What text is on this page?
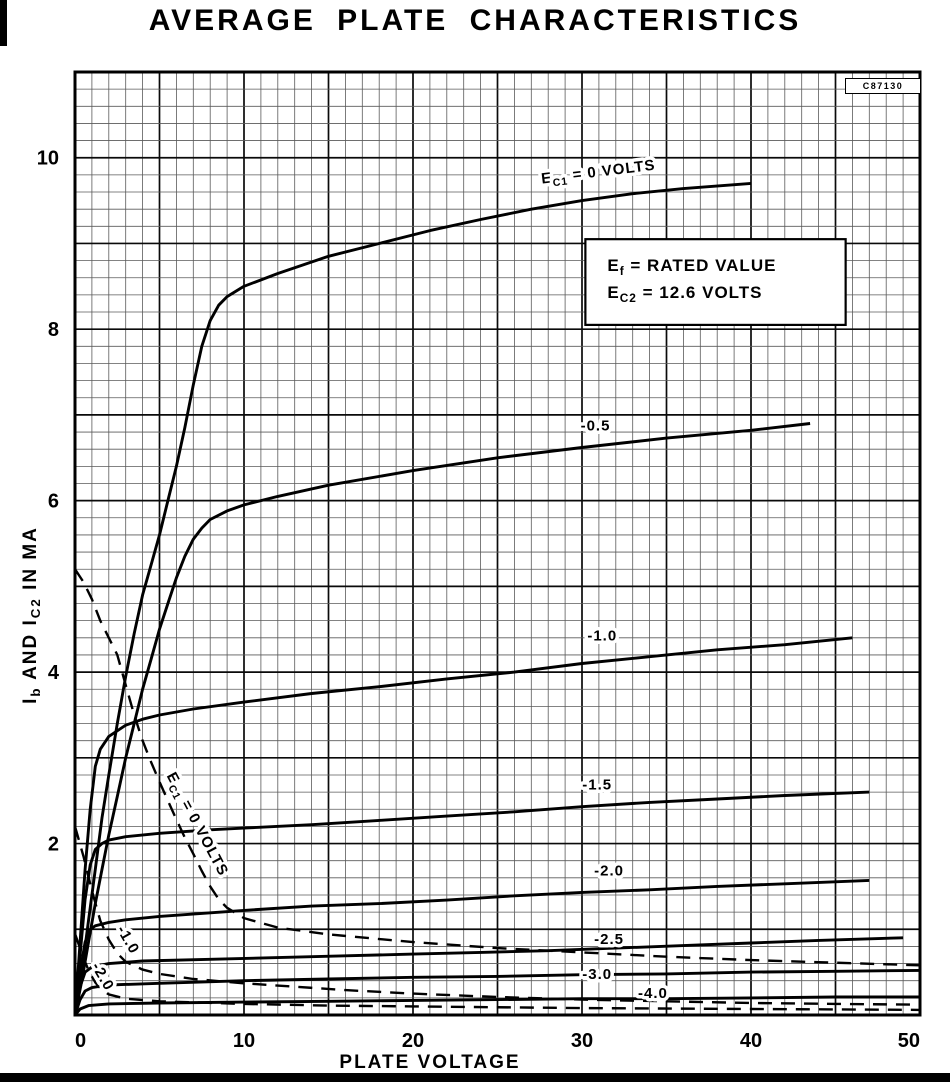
AVERAGE PLATE CHARACTERISTICS
$E_f$ = RATED VALUE
$E_{C2} = 12.6$ VOLTS
$E_{C1} = 0$ VOLTS
-1.0
-2.0
$E_{C1} = 0$ VOLTS
-0.5
-1.0
-1.5
-2.0
-2.5
-3.0
-4.0
0	10	20	30	40	50
2
4
6
8
10
PLATE VOLTAGE
$I_b$ AND $I_{C2}$ IN MA
C87130
